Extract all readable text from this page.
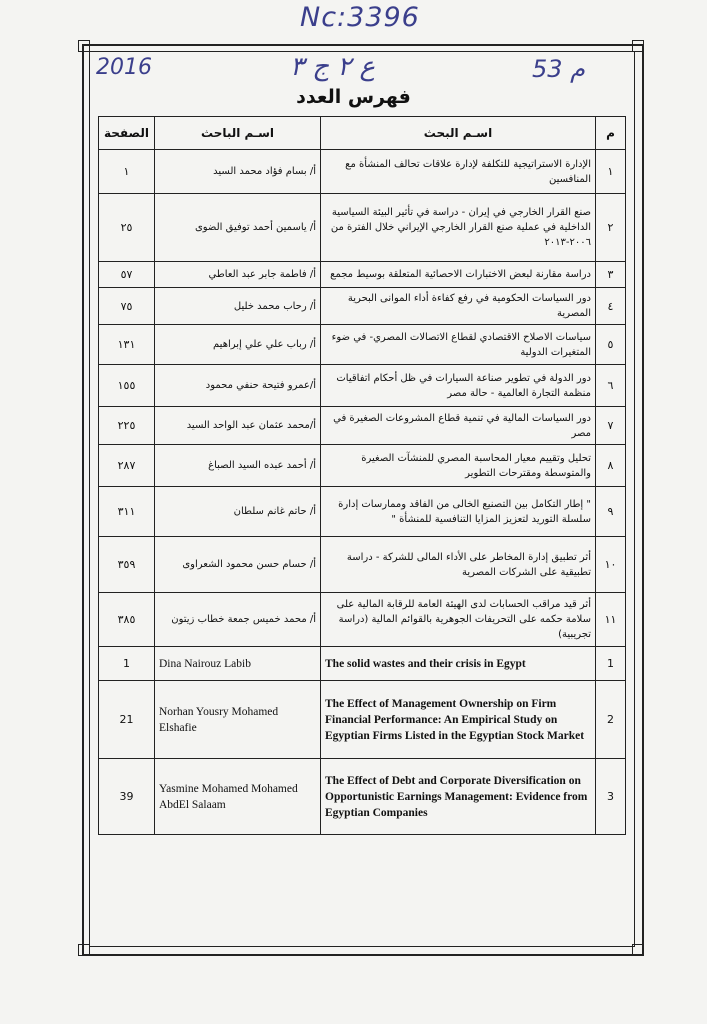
Nc:3396
2016	ع ٢ ج ٣	53 م
فهرس العدد
الصفحة	اسـم الباحث	اسـم البحث	م
١	أ/ بسام فؤاد محمد السيد	الإدارة الاستراتيجية للتكلفة لإدارة علاقات تحالف المنشأة مع المنافسين	١
٢٥	أ/ ياسمين أحمد توفيق الضوى	صنع القرار الخارجي في إيران - دراسة في تأثير البيئة السياسية الداخلية في عملية صنع القرار الخارجي الإيراني خلال الفترة من ٢٠٠٦-٢٠١٣	٢
٥٧	أ/ فاطمة جابر عبد العاطي	دراسة مقارنة لبعض الاختبارات الاحصائية المتعلقة بوسيط مجمع	٣
٧٥	أ/ رحاب محمد خليل	دور السياسات الحكومية في رفع كفاءة أداء الموانى البحرية المصرية	٤
١٣١	أ/ رباب علي علي إبراهيم	سياسات الاصلاح الاقتصادي لقطاع الاتصالات المصري- في ضوء المتغيرات الدولية	٥
١٥٥	أ/عمرو فتيحة حنفي محمود	دور الدولة في تطوير صناعة السيارات في ظل أحكام اتفاقيات منظمة التجارة العالمية - حالة مصر	٦
٢٢٥	أ/محمد عثمان عبد الواحد السيد	دور السياسات المالية في تنمية قطاع المشروعات الصغيرة في مصر	٧
٢٨٧	أ/ أحمد عبده السيد الصباغ	تحليل وتقييم معيار المحاسبة المصري للمنشآت الصغيرة والمتوسطة ومقترحات التطوير	٨
٣١١	أ/ حاتم غانم سلطان	" إطار التكامل بين التصنيع الخالى من الفاقد وممارسات إدارة سلسلة التوريد لتعزيز المزايا التنافسية للمنشأة "	٩
٣٥٩	أ/ حسام حسن محمود الشعراوى	أثر تطبيق إدارة المخاطر على الأداء المالى للشركة - دراسة تطبيقية على الشركات المصرية	١٠
٣٨٥	أ/ محمد خميس جمعة خطاب زيتون	أثر قيد مراقب الحسابات لدى الهيئة العامة للرقابة المالية على سلامة حكمه على التحريفات الجوهرية بالقوائم المالية (دراسة تجريبية)	١١
1	Dina Nairouz Labib	The solid wastes and their crisis in Egypt	1
21	Norhan Yousry Mohamed Elshafie	The Effect of Management Ownership on Firm Financial Performance: An Empirical Study on Egyptian Firms Listed in the Egyptian Stock Market	2
39	Yasmine Mohamed Mohamed AbdEl Salaam	The Effect of Debt and Corporate Diversification on Opportunistic Earnings Management: Evidence from Egyptian Companies	3
